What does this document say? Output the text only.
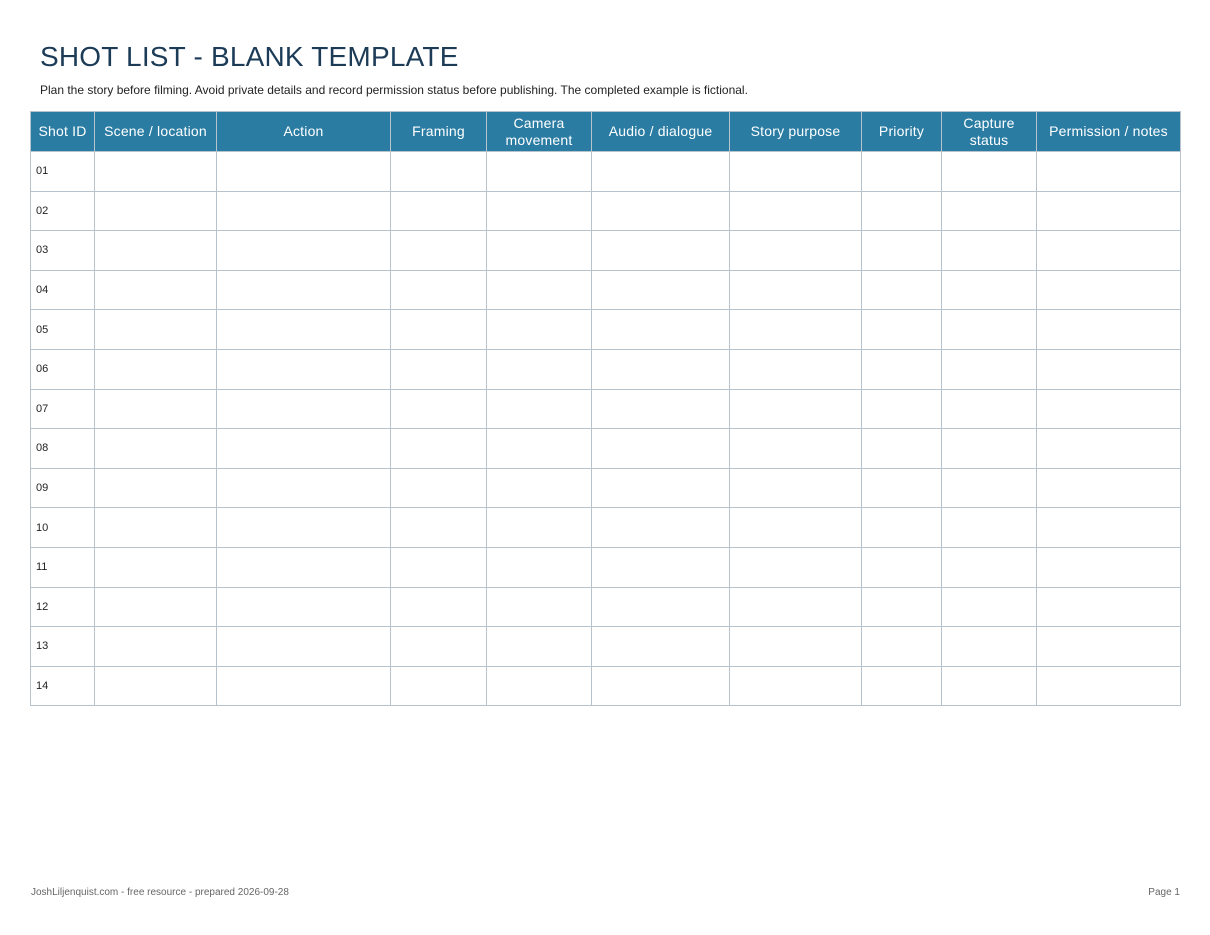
SHOT LIST - BLANK TEMPLATE

Plan the story before filming. Avoid private details and record permission status before publishing. The completed example is fictional.

Shot ID	Scene / location	Action	Framing	Camera movement	Audio / dialogue	Story purpose	Priority	Capture status	Permission / notes
01									
02									
03									
04									
05									
06									
07									
08									
09									
10									
11									
12									
13									
14									
JoshLiljenquist.com - free resource - prepared 2026-09-28	Page 1
